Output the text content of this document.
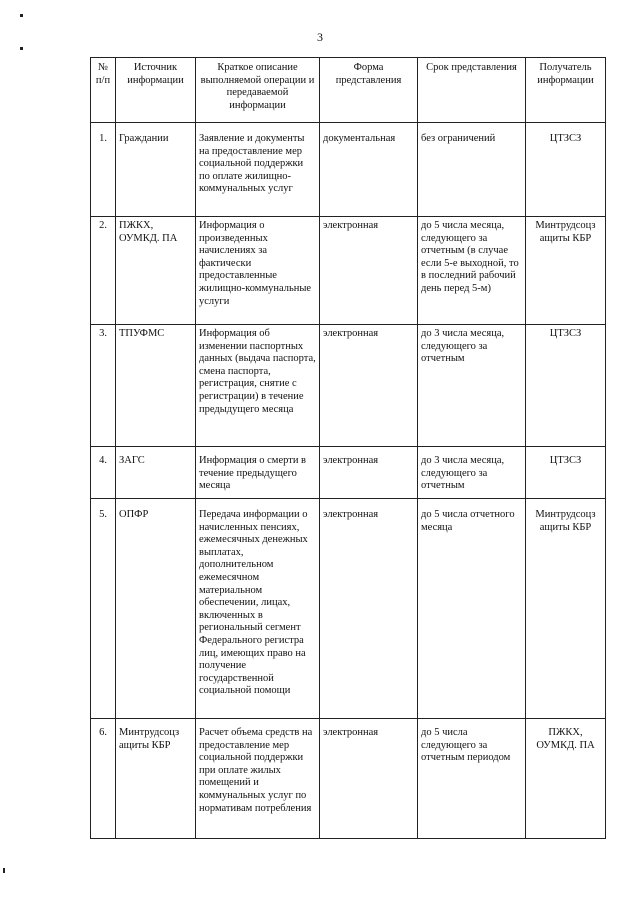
3
№ п/п	Источник информации	Краткое описание выполняемой операции и передаваемой информации	Форма представления	Срок представления	Получатель информации
1.	Граждании	Заявление и документы на предоставление мер социальной поддержки по оплате жилищно-коммунальных услуг	документальная	без ограничений	ЦТЗСЗ
2.	ПЖКХ, ОУМКД. ПА	Информация о произведенных начислениях за фактически предоставленные жилищно-коммунальные услуги	электронная	до 5 числа месяца, следующего за отчетным (в случае если 5-е выходной, то в последний рабочий день перед 5-м)	Минтрудсоцз ащиты КБР
3.	ТПУФМС	Информация об изменении паспортных данных (выдача паспорта, смена паспорта, регистрация, снятие с регистрации) в течение предыдущего месяца	электронная	до 3 числа месяца, следующего за отчетным	ЦТЗСЗ
4.	ЗАГС	Информация о смерти в течение предыдущего месяца	электронная	до 3 числа месяца, следующего за отчетным	ЦТЗСЗ
5.	ОПФР	Передача информации о начисленных пенсиях, ежемесячных денежных выплатах, дополнительном ежемесячном материальном обеспечении, лицах, включенных в региональный сегмент Федерального регистра лиц, имеющих право на получение государственной социальной помощи	электронная	до 5 числа отчетного месяца	Минтрудсоцз ащиты КБР
6.	Минтрудсоцз ащиты КБР	Расчет объема средств на предоставление мер социальной поддержки при оплате жилых помещений и коммунальных услуг по нормативам потребления	электронная	до 5 числа следующего за отчетным периодом	ПЖКХ, ОУМКД. ПА
